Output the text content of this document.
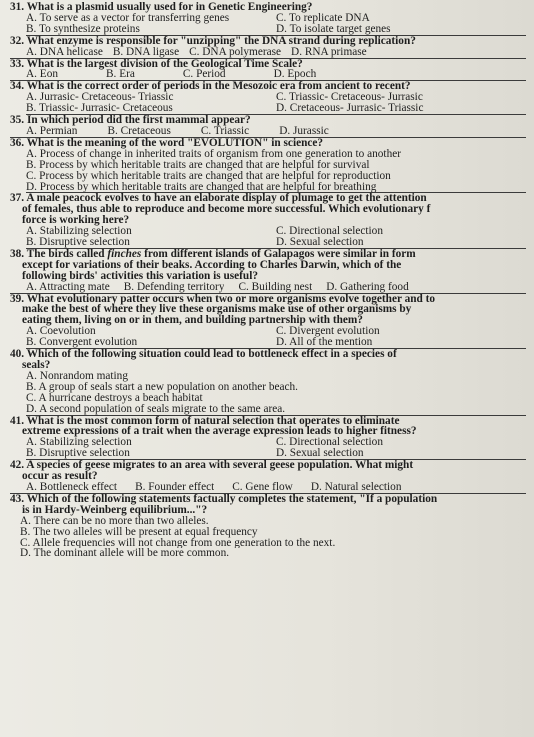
31. What is a plasmid usually used for in Genetic Engineering?
A. To serve as a vector for transferring genes	C. To replicate DNA
B. To synthesize proteins	D. To isolate target genes
32. What enzyme is responsible for "unzipping" the DNA strand during replication?
A. DNA helicase B. DNA ligase C. DNA polymerase D. RNA primase
33. What is the largest division of the Geological Time Scale?
A. Eon	B. Era	C. Period	D. Epoch
34. What is the correct order of periods in the Mesozoic era from ancient to recent?
A. Jurrasic- Cretaceous- Triassic	C. Triassic- Cretaceous- Jurrasic
B. Triassic- Jurrasic- Cretaceous	D. Cretaceous- Jurrasic- Triassic
35. In which period did the first mammal appear?
A. Permian	B. Cretaceous	C. Triassic	D. Jurassic
36. What is the meaning of the word "EVOLUTION" in science?
A. Process of change in inherited traits of organism from one generation to another
B. Process by which heritable traits are changed that are helpful for survival
C. Process by which heritable traits are changed that are helpful for reproduction
D. Process by which heritable traits are changed that are helpful for breathing
37. A male peacock evolves to have an elaborate display of plumage to get the attention
of females, thus able to reproduce and become more successful. Which evolutionary f
force is working here?
A. Stabilizing selection	C. Directional selection
B. Disruptive selection	D. Sexual selection
38. The birds called finches from different islands of Galapagos were similar in form
except for variations of their beaks. According to Charles Darwin, which of the
following birds' activities this variation is useful?
A. Attracting mate B. Defending territory C. Building nest D. Gathering food
39. What evolutionary patter occurs when two or more organisms evolve together and to
make the best of where they live these organisms make use of other organisms by
eating them, living on or in them, and building partnership with them?
A. Coevolution	C. Divergent evolution
B. Convergent evolution	D. All of the mention
40. Which of the following situation could lead to bottleneck effect in a species of
seals?
A. Nonrandom mating
B. A group of seals start a new population on another beach.
C. A hurricane destroys a beach habitat
D. A second population of seals migrate to the same area.
41. What is the most common form of natural selection that operates to eliminate
extreme expressions of a trait when the average expression leads to higher fitness?
A. Stabilizing selection	C. Directional selection
B. Disruptive selection	D. Sexual selection
42. A species of geese migrates to an area with several geese population. What might
occur as result?
A. Bottleneck effect B. Founder effect C. Gene flow D. Natural selection
43. Which of the following statements factually completes the statement, "If a population
is in Hardy-Weinberg equilibrium..."?
A. There can be no more than two alleles.
B. The two alleles will be present at equal frequency
C. Allele frequencies will not change from one generation to the next.
D. The dominant allele will be more common.
